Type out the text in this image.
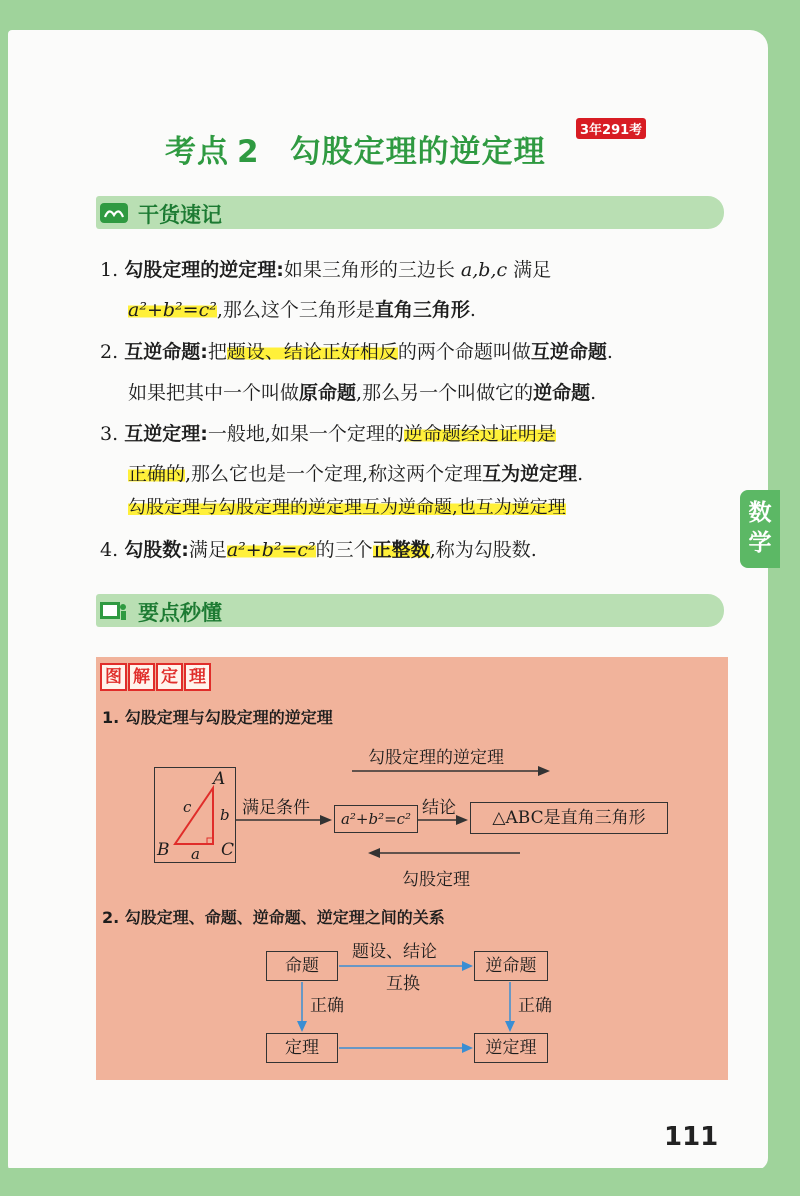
考点 2 勾股定理的逆定理
3年291考
干货速记
1. 勾股定理的逆定理:如果三角形的三边长 a,b,c 满足
a²+b²=c²,那么这个三角形是直角三角形.
2. 互逆命题:把题设、结论正好相反的两个命题叫做互逆命题.
如果把其中一个叫做原命题,那么另一个叫做它的逆命题.
3. 互逆定理:一般地,如果一个定理的逆命题经过证明是
正确的,那么它也是一个定理,称这两个定理互为逆定理.
勾股定理与勾股定理的逆定理互为逆命题,也互为逆定理
4. 勾股数:满足a²+b²=c²的三个正整数,称为勾股数.
数
学
要点秒懂
图 解 定 理
1. 勾股定理与勾股定理的逆定理
勾股定理的逆定理
A
B	C
a
b
c	满足条件
a²+b²=c²
结论	△ABC是直角三角形
勾股定理
2. 勾股定理、命题、逆命题、逆定理之间的关系
命题	逆命题
定理	逆定理
题设、结论
互换
正确	正确
111
